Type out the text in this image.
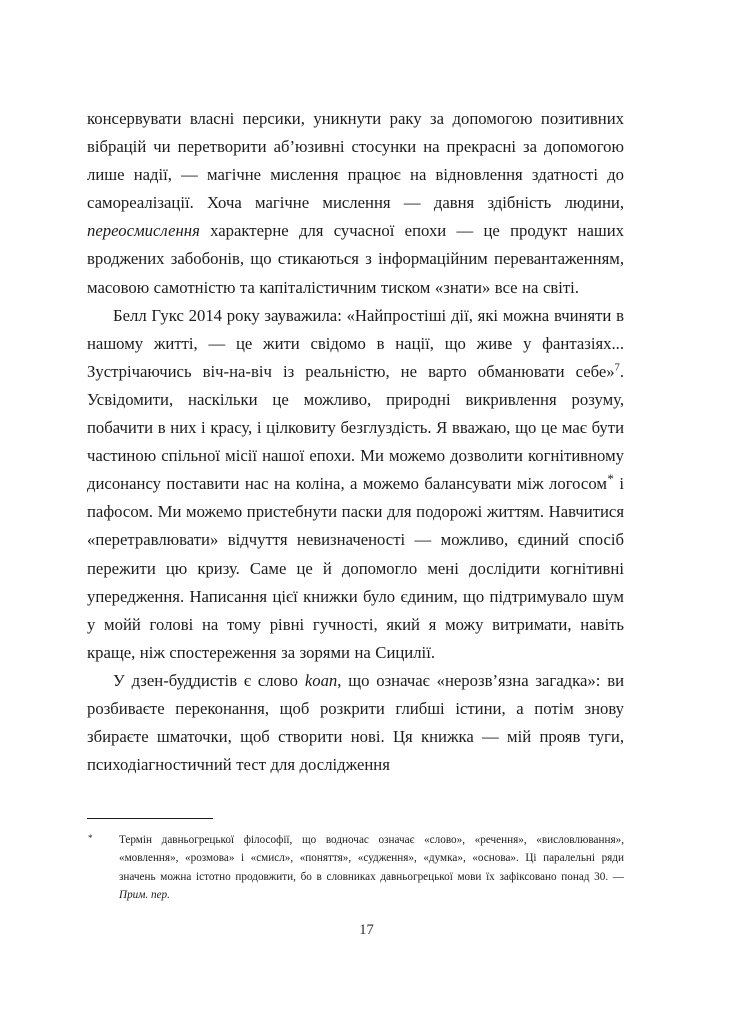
консервувати власні персики, уникнути раку за допомогою позитивних вібрацій чи перетворити аб’юзивні стосунки на прекрасні за допомогою лише надії, — магічне мислення працює на відновлення здатності до самореалізації. Хоча магічне мислення — давня здібність людини, переосмислення характерне для сучасної епохи — це продукт наших вроджених забобонів, що стикаються з інформаційним перевантаженням, масовою самотністю та капіталістичним тиском «знати» все на світі.

Белл Гукс 2014 року зауважила: «Найпростіші дії, які можна вчиняти в нашому житті, — це жити свідомо в нації, що живе у фантазіях... Зустрічаючись віч-на-віч із реальністю, не варто обманювати себе»$^7$. Усвідомити, наскільки це можливо, природні викривлення розуму, побачити в них і красу, і цілковиту безглуздість. Я вважаю, що це має бути частиною спільної місії нашої епохи. Ми можемо дозволити когнітивному дисонансу поставити нас на коліна, а можемо балансувати між логосом* і пафосом. Ми можемо пристебнути паски для подорожі життям. Навчитися «перетравлювати» відчуття невизначеності — можливо, єдиний спосіб пережити цю кризу. Саме це й допомогло мені дослідити когнітивні упередження. Написання цієї книжки було єдиним, що підтримувало шум у мойй голові на тому рівні гучності, який я можу витримати, навіть краще, ніж спостереження за зорями на Сицилії.

У дзен-буддистів є слово koan, що означає «нерозв’язна загадка»: ви розбиваєте переконання, щоб розкрити глибші істини, а потім знову збираєте шматочки, щоб створити нові. Ця книжка — мій прояв туги, психодіагностичний тест для дослідження

* Термін давньогрецької філософії, що водночас означає «слово», «речення», «висловлювання», «мовлення», «розмова» і «смисл», «поняття», «судження», «думка», «основа». Ці паралельні ряди значень можна істотно продовжити, бо в словниках давньогрецької мови їх зафіксовано понад 30. — Прим. пер.
17
